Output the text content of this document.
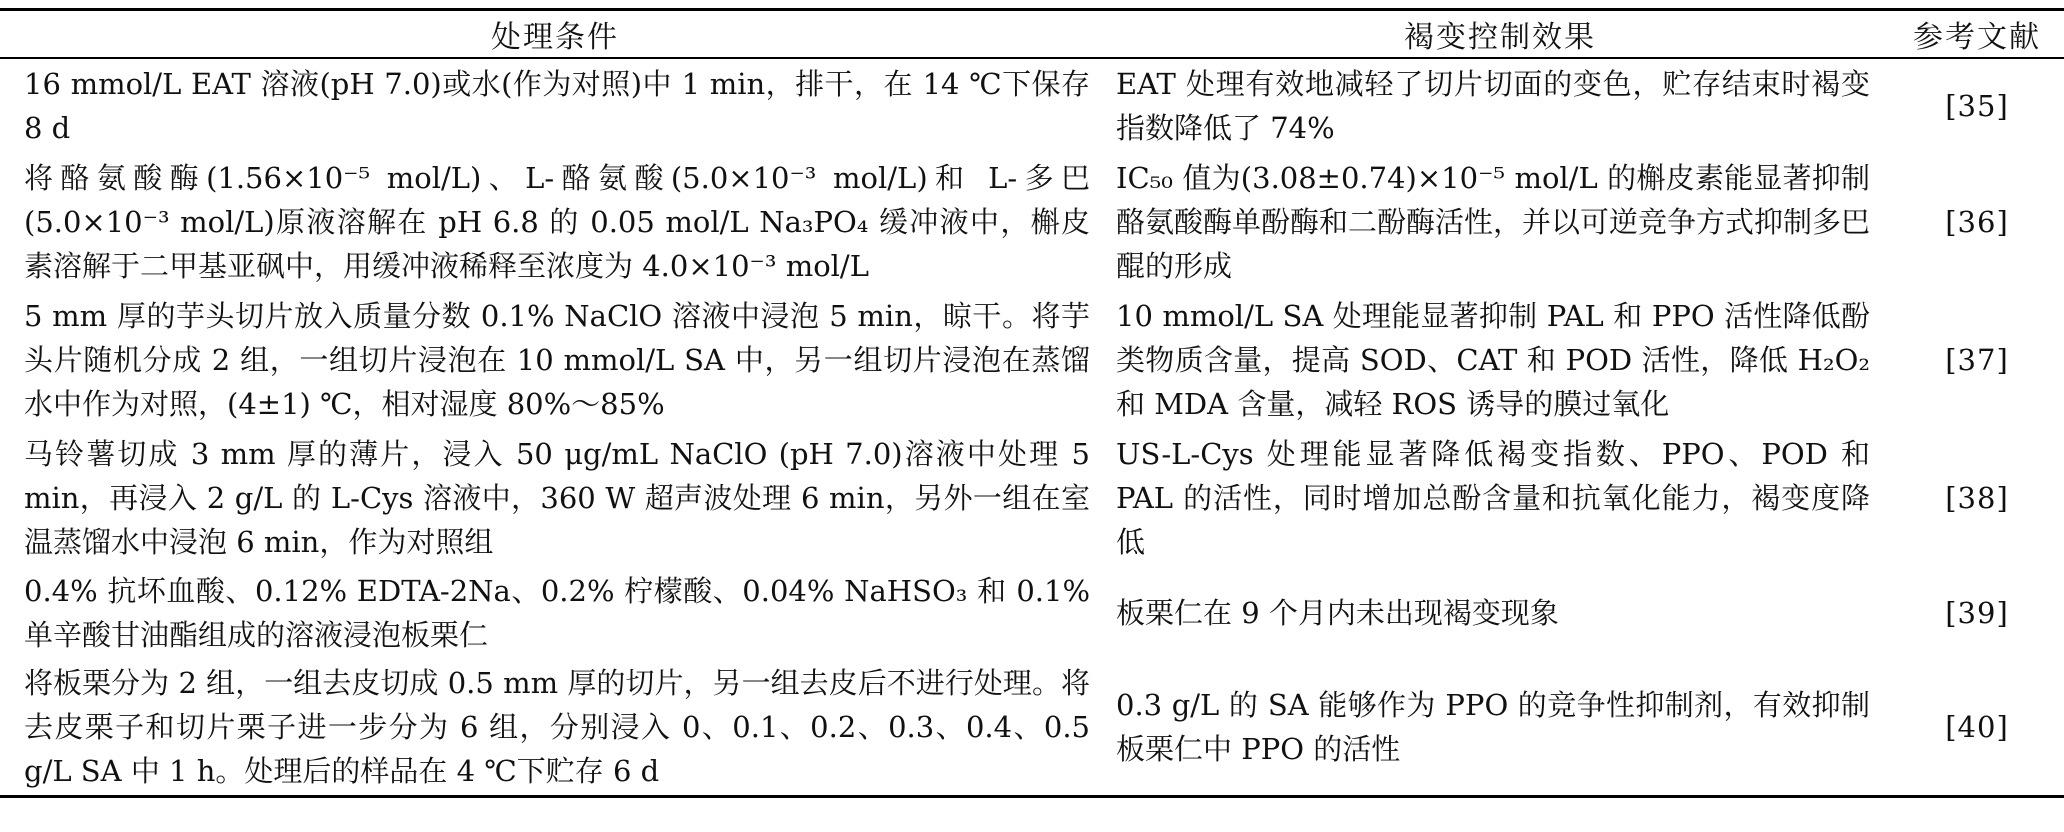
处理条件	褐变控制效果	参考文献
16 mmol/L EAT 溶液(pH 7.0)或水(作为对照)中 1 min，排干，在 14 ℃下保存 8 d	EAT 处理有效地减轻了切片切面的变色，贮存结束时褐变指数降低了 74%	[35]
将酪氨酸酶(1.56×10⁻⁵ mol/L)、L-酪氨酸(5.0×10⁻³ mol/L)和 L-多巴(5.0×10⁻³ mol/L)原液溶解在 pH 6.8 的 0.05 mol/L Na₃PO₄ 缓冲液中，槲皮素溶解于二甲基亚砜中，用缓冲液稀释至浓度为 4.0×10⁻³ mol/L	IC₅₀ 值为(3.08±0.74)×10⁻⁵ mol/L 的槲皮素能显著抑制酪氨酸酶单酚酶和二酚酶活性，并以可逆竞争方式抑制多巴醌的形成	[36]
5 mm 厚的芋头切片放入质量分数 0.1% NaClO 溶液中浸泡 5 min，晾干。将芋头片随机分成 2 组，一组切片浸泡在 10 mmol/L SA 中，另一组切片浸泡在蒸馏水中作为对照，(4±1) ℃，相对湿度 80%～85%	10 mmol/L SA 处理能显著抑制 PAL 和 PPO 活性降低酚类物质含量，提高 SOD、CAT 和 POD 活性，降低 H₂O₂ 和 MDA 含量，减轻 ROS 诱导的膜过氧化	[37]
马铃薯切成 3 mm 厚的薄片，浸入 50 μg/mL NaClO (pH 7.0)溶液中处理 5 min，再浸入 2 g/L 的 L-Cys 溶液中，360 W 超声波处理 6 min，另外一组在室温蒸馏水中浸泡 6 min，作为对照组	US-L-Cys 处理能显著降低褐变指数、PPO、POD 和 PAL 的活性，同时增加总酚含量和抗氧化能力，褐变度降低	[38]
0.4% 抗坏血酸、0.12% EDTA-2Na、0.2% 柠檬酸、0.04% NaHSO₃ 和 0.1% 单辛酸甘油酯组成的溶液浸泡板栗仁	板栗仁在 9 个月内未出现褐变现象	[39]
将板栗分为 2 组，一组去皮切成 0.5 mm 厚的切片，另一组去皮后不进行处理。将去皮栗子和切片栗子进一步分为 6 组，分别浸入 0、0.1、0.2、0.3、0.4、0.5 g/L SA 中 1 h。处理后的样品在 4 ℃下贮存 6 d	0.3 g/L 的 SA 能够作为 PPO 的竞争性抑制剂，有效抑制板栗仁中 PPO 的活性	[40]
